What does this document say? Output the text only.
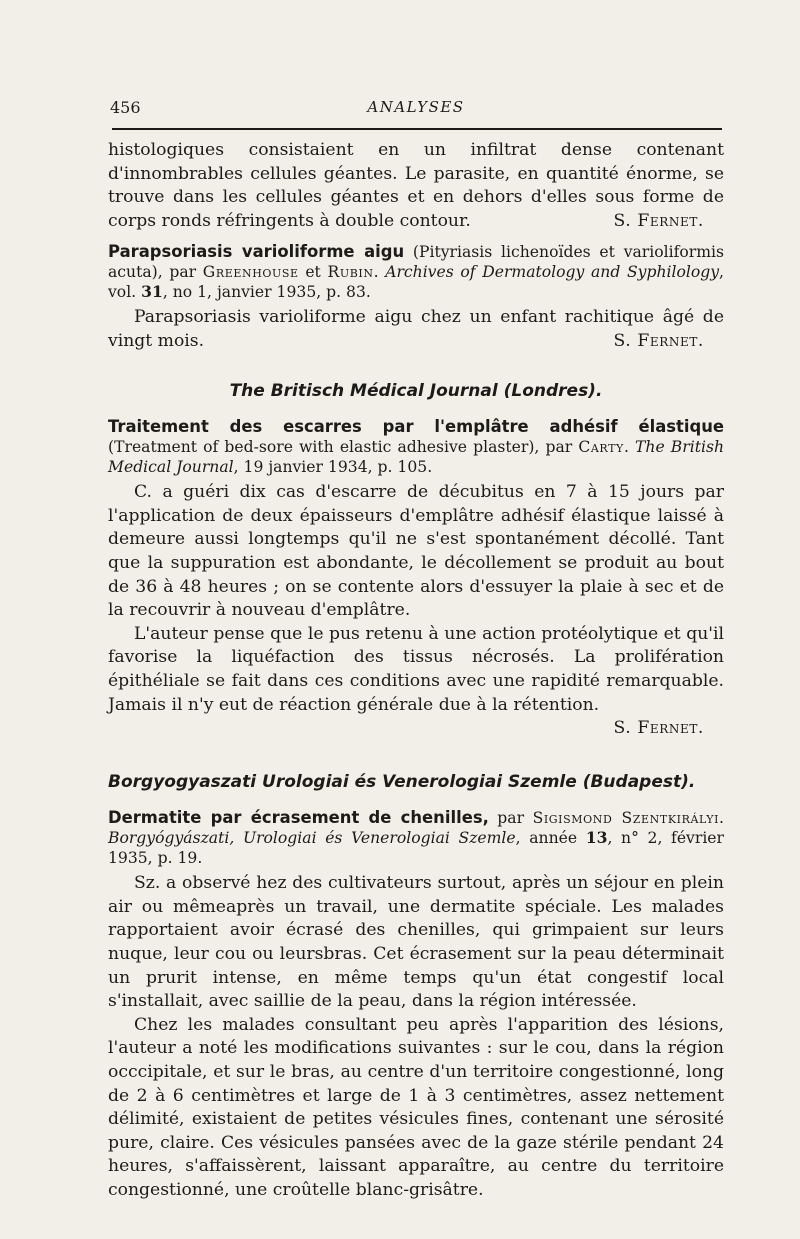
456	ANALYSES

histologiques consistaient en un infiltrat dense contenant d'innombrables cellules géantes. Le parasite, en quantité énorme, se trouve dans les cellules géantes et en dehors d'elles sous forme de corps ronds réfringents à double contour.	S. Fernet.

Parapsoriasis varioliforme aigu (Pityriasis lichenoïdes et varioliformis acuta), par Greenhouse et Rubin. Archives of Dermatology and Syphilology, vol. 31, no 1, janvier 1935, p. 83.

Parapsoriasis varioliforme aigu chez un enfant rachitique âgé de vingt mois.	S. Fernet.

The Britisch Médical Journal (Londres).
Traitement des escarres par l'emplâtre adhésif élastique (Treatment of bed-sore with elastic adhesive plaster), par Carty. The British Medical Journal, 19 janvier 1934, p. 105.

C. a guéri dix cas d'escarre de décubitus en 7 à 15 jours par l'application de deux épaisseurs d'emplâtre adhésif élastique laissé à demeure aussi longtemps qu'il ne s'est spontanément décollé. Tant que la suppuration est abondante, le décollement se produit au bout de 36 à 48 heures ; on se contente alors d'essuyer la plaie à sec et de la recouvrir à nouveau d'emplâtre.

L'auteur pense que le pus retenu à une action protéolytique et qu'il favorise la liquéfaction des tissus nécrosés. La prolifération épithéliale se fait dans ces conditions avec une rapidité remarquable. Jamais il n'y eut de réaction générale due à la rétention.
S. Fernet.

Borgyogyaszati Urologiai és Venerologiai Szemle (Budapest).
Dermatite par écrasement de chenilles, par Sigismond Szentkirályi. Borgyógyászati, Urologiai és Venerologiai Szemle, année 13, n° 2, février 1935, p. 19.

Sz. a observé hez des cultivateurs surtout, après un séjour en plein air ou mêmeaprès un travail, une dermatite spéciale. Les malades rapportaient avoir écrasé des chenilles, qui grimpaient sur leurs nuque, leur cou ou leursbras. Cet écrasement sur la peau déterminait un prurit intense, en même temps qu'un état congestif local s'installait, avec saillie de la peau, dans la région intéressée.

Chez les malades consultant peu après l'apparition des lésions, l'auteur a noté les modifications suivantes : sur le cou, dans la région occcipitale, et sur le bras, au centre d'un territoire congestionné, long de 2 à 6 centimètres et large de 1 à 3 centimètres, assez nettement délimité, existaient de petites vésicules fines, contenant une sérosité pure, claire. Ces vésicules pansées avec de la gaze stérile pendant 24 heures, s'affaissèrent, laissant apparaître, au centre du territoire congestionné, une croûtelle blanc-grisâtre.
